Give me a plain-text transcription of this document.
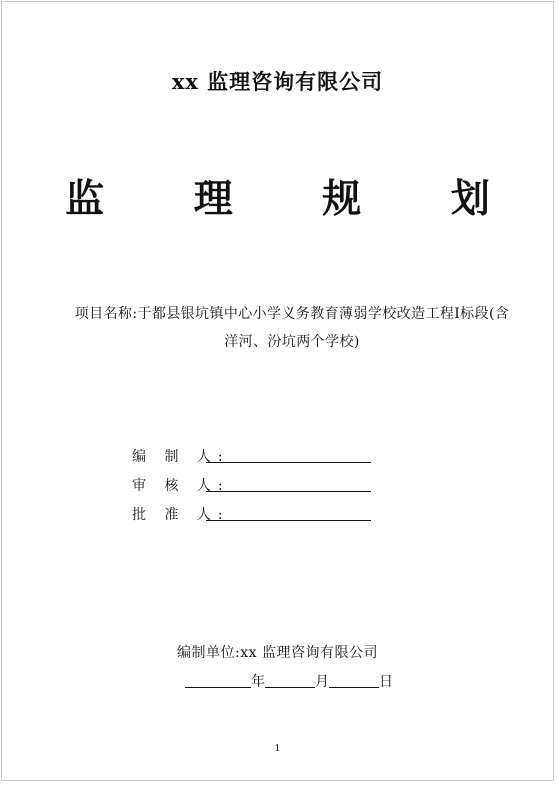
xx 监理咨询有限公司
监 理 规 划
项目名称:于都县银坑镇中心小学义务教育薄弱学校改造工程Ⅰ标段(含
洋河、汾坑两个学校)
编 制 人:
审 核 人:
批 准 人:
编制单位:xx 监理咨询有限公司
年	月	日
1
